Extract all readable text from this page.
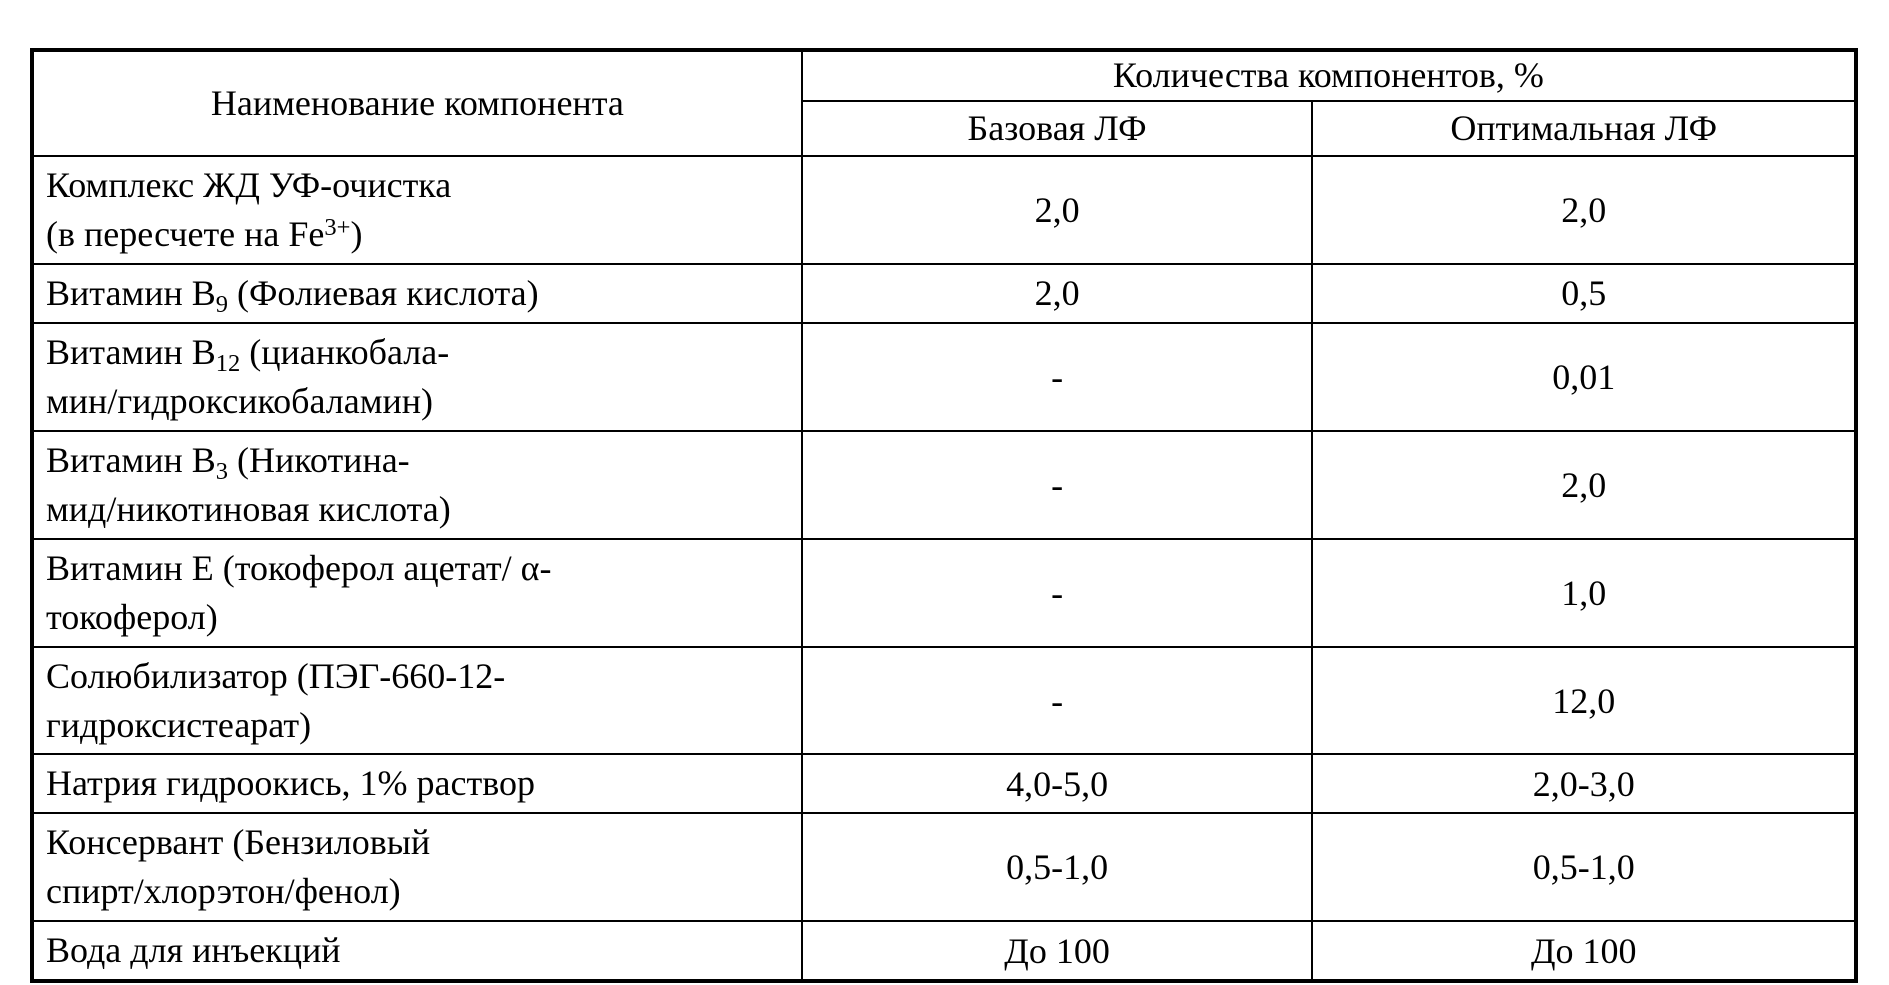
Наименование компонента	Количества компонентов, %	
	Базовая ЛФ	Оптимальная ЛФ
Комплекс ЖД УФ-очистка
(в пересчете на $Fe^{3+}$)	2,0	2,0
Витамин $В_9$ (Фолиевая кислота)	2,0	0,5
Витамин $В_{12}$ (цианкобала-
мин/гидроксикобаламин)	-	0,01
Витамин $В_3$ (Никотина-
мид/никотиновая кислота)	-	2,0
Витамин Е (токоферол ацетат/ α-
токоферол)	-	1,0
Солюбилизатор (ПЭГ-660-12-
гидроксистеарат)	-	12,0
Натрия гидроокись, 1% раствор	4,0-5,0	2,0-3,0
Консервант (Бензиловый
спирт/хлорэтон/фенол)	0,5-1,0	0,5-1,0
Вода для инъекций	До 100	До 100
